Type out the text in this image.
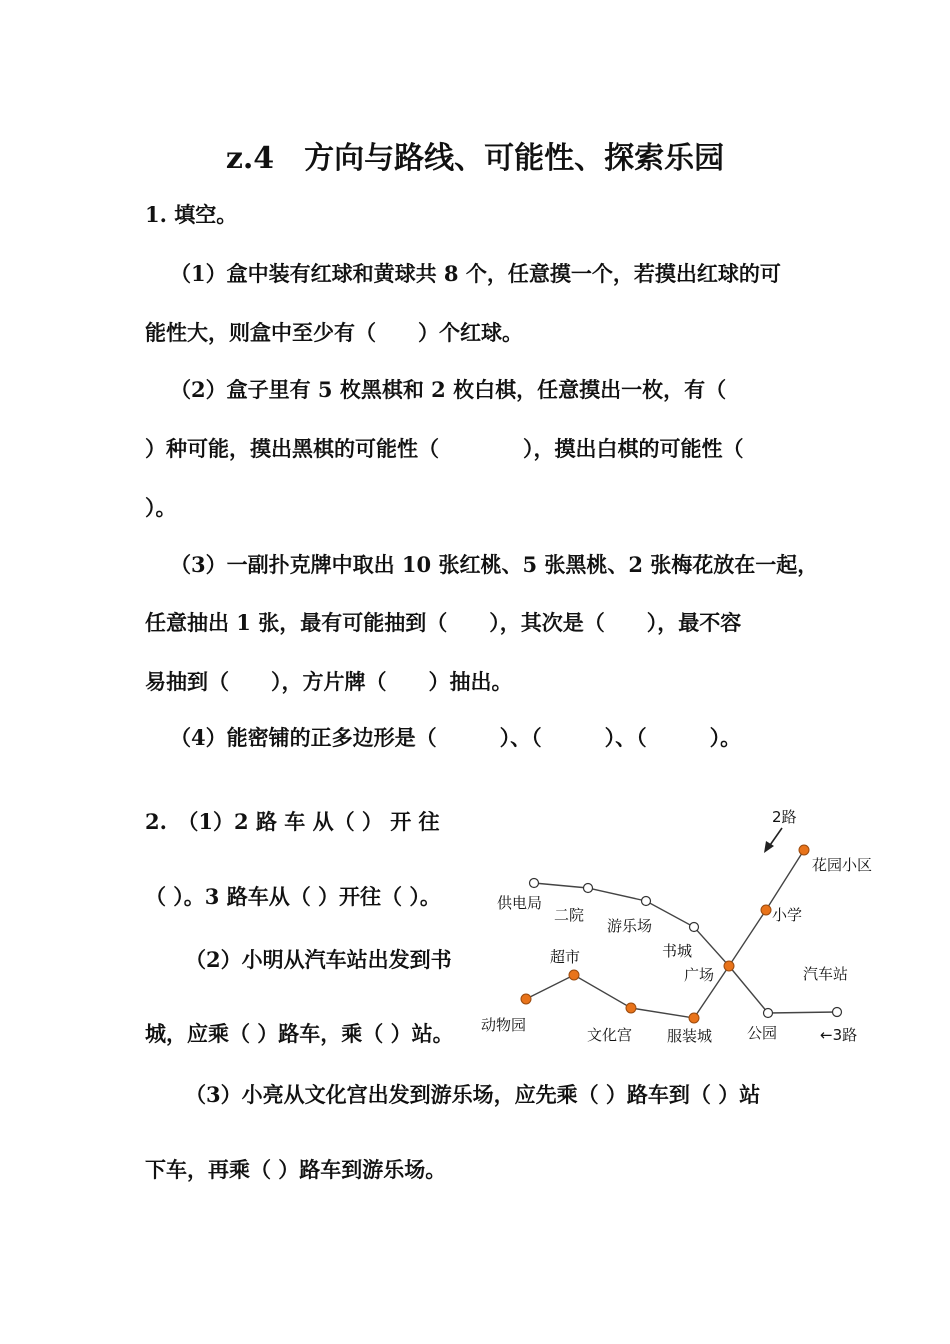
z.4　方向与路线、可能性、探索乐园
1. 填空。
（1）盒中装有红球和黄球共 8 个，任意摸一个，若摸出红球的可
能性大，则盒中至少有（　　）个红球。
（2）盒子里有 5 枚黑棋和 2 枚白棋，任意摸出一枚，有（
）种可能，摸出黑棋的可能性（　　　　），摸出白棋的可能性（
）。
（3）一副扑克牌中取出 10 张红桃、5 张黑桃、2 张梅花放在一起，
任意抽出 1 张，最有可能抽到（　　），其次是（　　），最不容
易抽到（　　），方片牌（　　）抽出。
（4）能密铺的正多边形是（　　　）、（　　　）、（　　　）。
2.　（1）2 路 车 从（ ） 开 往
（ ）。3 路车从（ ）开往（ ）。
（2）小明从汽车站出发到书
城，应乘（ ）路车，乘（ ）站。
（3）小亮从文化宫出发到游乐场，应先乘（ ）路车到（ ）站
下车，再乘（ ）路车到游乐场。
2路
←3路
供电局
二院
游乐场
书城
广场
小学
花园小区
超市
动物园
文化宫 服装城 公园
汽车站
